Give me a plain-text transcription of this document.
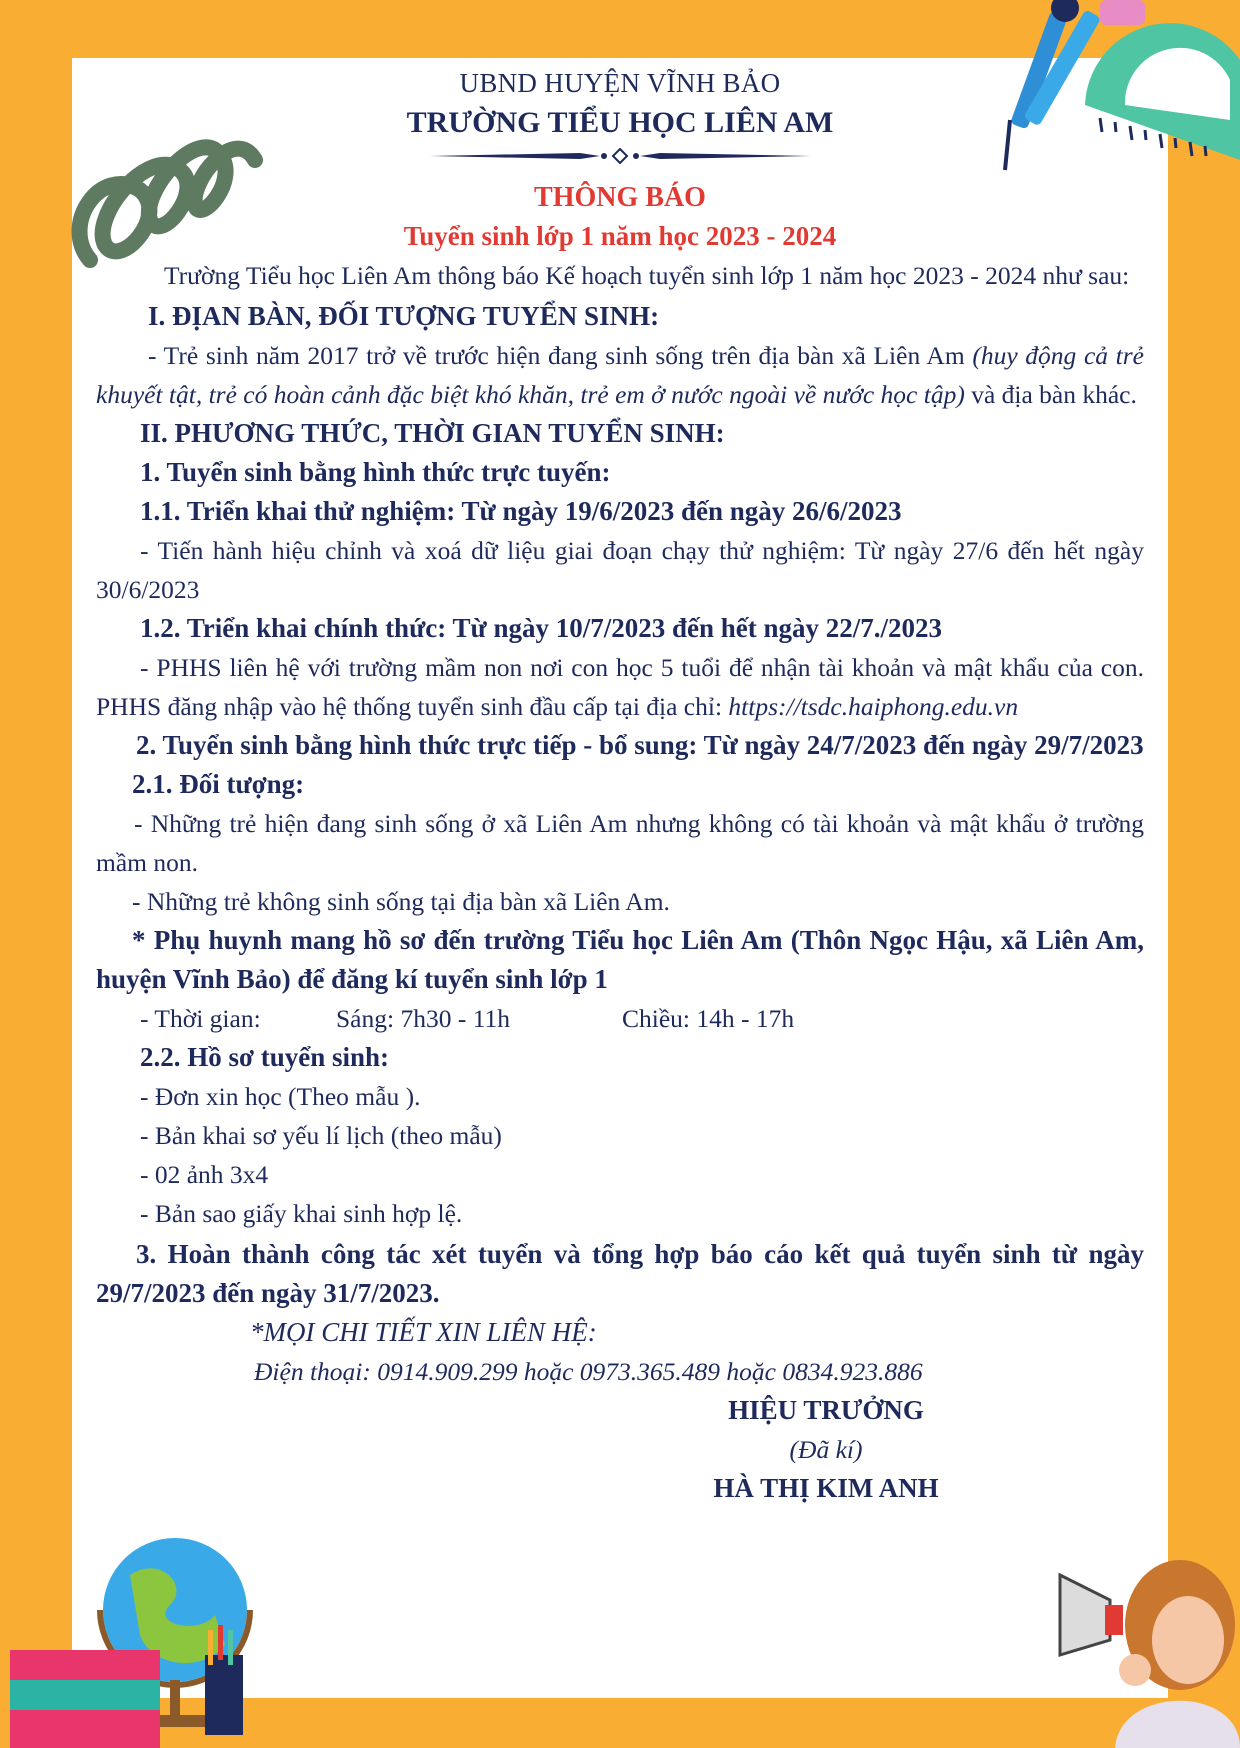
UBND HUYỆN VĨNH BẢO
TRƯỜNG TIỂU HỌC LIÊN AM
THÔNG BÁO
Tuyển sinh lớp 1 năm học 2023 - 2024
Trường Tiểu học Liên Am thông báo Kế hoạch tuyển sinh lớp 1 năm học 2023 - 2024 như sau:
I. ĐỊAN BÀN, ĐỐI TƯỢNG TUYỂN SINH:
- Trẻ sinh năm 2017 trở về trước hiện đang sinh sống trên địa bàn xã Liên Am (huy động cả trẻ khuyết tật, trẻ có hoàn cảnh đặc biệt khó khăn, trẻ em ở nước ngoài về nước học tập) và địa bàn khác.
II. PHƯƠNG THỨC, THỜI GIAN TUYỂN SINH:
1. Tuyển sinh bằng hình thức trực tuyến:
1.1. Triển khai thử nghiệm: Từ ngày 19/6/2023 đến ngày 26/6/2023
- Tiến hành hiệu chỉnh và xoá dữ liệu giai đoạn chạy thử nghiệm: Từ ngày 27/6 đến hết ngày 30/6/2023
1.2. Triển khai chính thức: Từ ngày 10/7/2023 đến hết ngày 22/7./2023
- PHHS liên hệ với trường mầm non nơi con học 5 tuổi để nhận tài khoản và mật khẩu của con. PHHS đăng nhập vào hệ thống tuyển sinh đầu cấp tại địa chỉ: https://tsdc.haiphong.edu.vn
2. Tuyển sinh bằng hình thức trực tiếp - bổ sung: Từ ngày 24/7/2023 đến ngày 29/7/2023
2.1. Đối tượng:
- Những trẻ hiện đang sinh sống ở xã Liên Am nhưng không có tài khoản và mật khẩu ở trường mầm non.
- Những trẻ không sinh sống tại địa bàn xã Liên Am.
* Phụ huynh mang hồ sơ đến trường Tiểu học Liên Am (Thôn Ngọc Hậu, xã Liên Am, huyện Vĩnh Bảo) để đăng kí tuyển sinh lớp 1
- Thời gian:	Sáng: 7h30 - 11h	Chiều: 14h - 17h
2.2. Hồ sơ tuyển sinh:
- Đơn xin học (Theo mẫu ).
- Bản khai sơ yếu lí lịch (theo mẫu)
- 02 ảnh 3x4
- Bản sao giấy khai sinh hợp lệ.
3. Hoàn thành công tác xét tuyển và tổng hợp báo cáo kết quả tuyển sinh từ ngày 29/7/2023 đến ngày 31/7/2023.
*MỌI CHI TIẾT XIN LIÊN HỆ:
Điện thoại: 0914.909.299 hoặc 0973.365.489 hoặc 0834.923.886
HIỆU TRƯỞNG
(Đã kí)
HÀ THỊ KIM ANH
